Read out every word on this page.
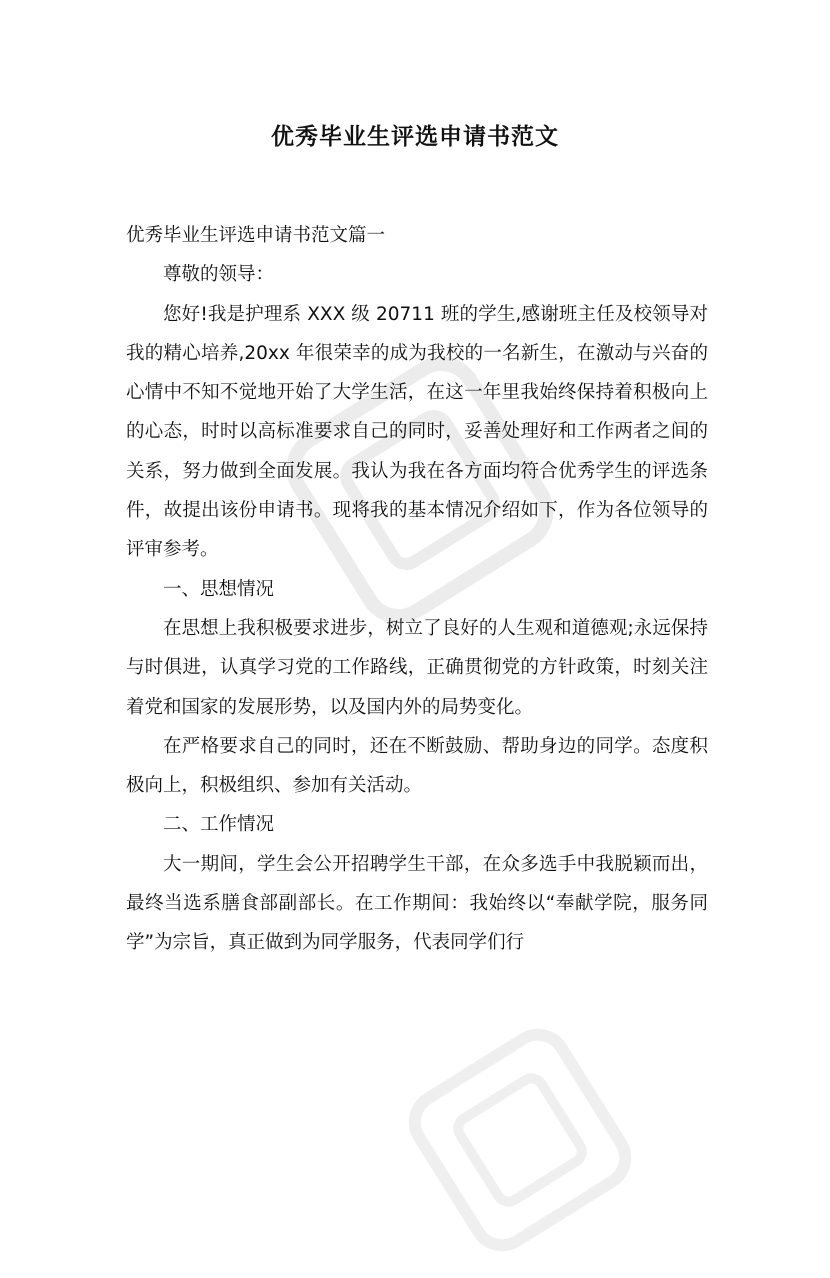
优秀毕业生评选申请书范文

优秀毕业生评选申请书范文篇一

尊敬的领导：

您好!我是护理系 XXX 级 20711 班的学生,感谢班主任及校领导对我的精心培养,20xx 年很荣幸的成为我校的一名新生，在激动与兴奋的心情中不知不觉地开始了大学生活，在这一年里我始终保持着积极向上的心态，时时以高标准要求自己的同时，妥善处理好和工作两者之间的关系，努力做到全面发展。我认为我在各方面均符合优秀学生的评选条件，故提出该份申请书。现将我的基本情况介绍如下，作为各位领导的评审参考。

一、思想情况

在思想上我积极要求进步，树立了良好的人生观和道德观;永远保持与时俱进，认真学习党的工作路线，正确贯彻党的方针政策，时刻关注着党和国家的发展形势，以及国内外的局势变化。

在严格要求自己的同时，还在不断鼓励、帮助身边的同学。态度积极向上，积极组织、参加有关活动。

二、工作情况

大一期间，学生会公开招聘学生干部，在众多选手中我脱颖而出，最终当选系膳食部副部长。在工作期间：我始终以“奉献学院，服务同学”为宗旨，真正做到为同学服务，代表同学们行
